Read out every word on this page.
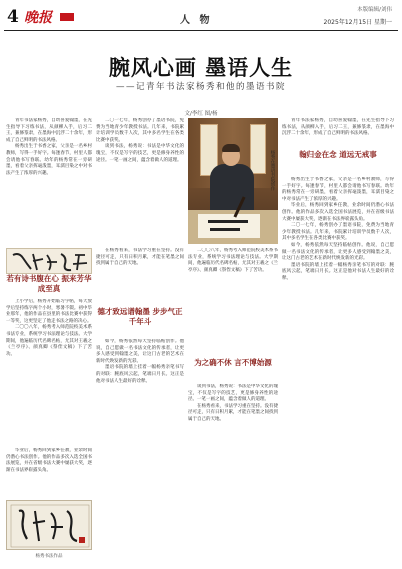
4 晚报	人 物
本版编辑/刘伟
2025年12月15日 星期一
腕风心画 墨语人生
——记青年书法家杨秀和他的墨语书院
文/李红 图/杨

青年书法家杨秀，自幼喜爱翰墨，在先生指导下习练书法，从颜柳入手，后习二王，兼修篆隶，在墨海中沉浮二十余年，形成了自己鲜明的书法风格。

杨秀出生于书香之家，父亲是一名乡村教师，写得一手好字。每逢春节，村里人都会请他书写春联。幼年的杨秀常在一旁研墨，看着父亲挥毫泼墨，耳濡目染之中对书法产生了浓厚的兴趣。

若有诗书腹在心 振来芳华成至真

上小学后，杨秀开始临习字帖，每天放学后坚持练字两个小时，寒暑不辍。初中毕业那年，他的作品在县里的书法比赛中获得一等奖，这更坚定了他走书法之路的决心。

二〇〇八年，杨秀考入师范院校美术系书法专业，系统学习书法理论与技法。大学期间，他遍临历代名碑名帖，尤其对王羲之《兰亭序》、颜真卿《祭侄文稿》下了苦功。

毕业后，杨秀回到家乡任教，业余时间仍潜心书法创作。他的作品多次入选全国书法展览，并在省级书法大赛中屡获大奖，逐渐在书法界崭露头角。

杨秀书法作品

二〇一七年，杨秀创办了墨语书院，免费为当地青少年教授书法。几年来，书院累计培训学员数千人次，其中多名学生在各类比赛中获奖。

谈到书法，杨秀说：书法是中华文化的瑰宝，不仅是写字的技艺，更是修身养性的途径。一笔一画之间，蕴含着做人的道理。

在杨秀看来，书法学习重在坚持。没有捷径可走，只有日积月累，才能在笔墨之间找到属于自己的天地。

德才致远谱翰墨 步步气正千年斗

如今，杨秀依然每天坚持临帖创作。他说，自己愿做一名书法文化的传承者，让更多人感受到翰墨之美，让这门古老的艺术在新时代焕发新的光彩。

墨语书院的墙上挂着一幅杨秀亲笔书写的对联：腕底风云起，笔端日月长。这正是他对书法人生最好的诠释。

杨秀在墨语书院创作

二〇〇八年，杨秀考入师范院校美术系书法专业，系统学习书法理论与技法。大学期间，他遍临历代名碑名帖，尤其对王羲之《兰亭序》、颜真卿《祭侄文稿》下了苦功。

为之确不休 言不博始源

谈到书法，杨秀说：书法是中华文化的瑰宝，不仅是写字的技艺，更是修身养性的途径。一笔一画之间，蕴含着做人的道理。

在杨秀看来，书法学习重在坚持。没有捷径可走，只有日积月累，才能在笔墨之间找到属于自己的天地。

青年书法家杨秀，自幼喜爱翰墨，在先生指导下习练书法，从颜柳入手，后习二王，兼修篆隶，在墨海中沉浮二十余年，形成了自己鲜明的书法风格。

翰归金在念 道远无戒事

杨秀出生于书香之家，父亲是一名乡村教师，写得一手好字。每逢春节，村里人都会请他书写春联。幼年的杨秀常在一旁研墨，看着父亲挥毫泼墨，耳濡目染之中对书法产生了浓厚的兴趣。

毕业后，杨秀回到家乡任教，业余时间仍潜心书法创作。他的作品多次入选全国书法展览，并在省级书法大赛中屡获大奖，逐渐在书法界崭露头角。

二〇一七年，杨秀创办了墨语书院，免费为当地青少年教授书法。几年来，书院累计培训学员数千人次，其中多名学生在各类比赛中获奖。

如今，杨秀依然每天坚持临帖创作。他说，自己愿做一名书法文化的传承者，让更多人感受到翰墨之美，让这门古老的艺术在新时代焕发新的光彩。

墨语书院的墙上挂着一幅杨秀亲笔书写的对联：腕底风云起，笔端日月长。这正是他对书法人生最好的诠释。
